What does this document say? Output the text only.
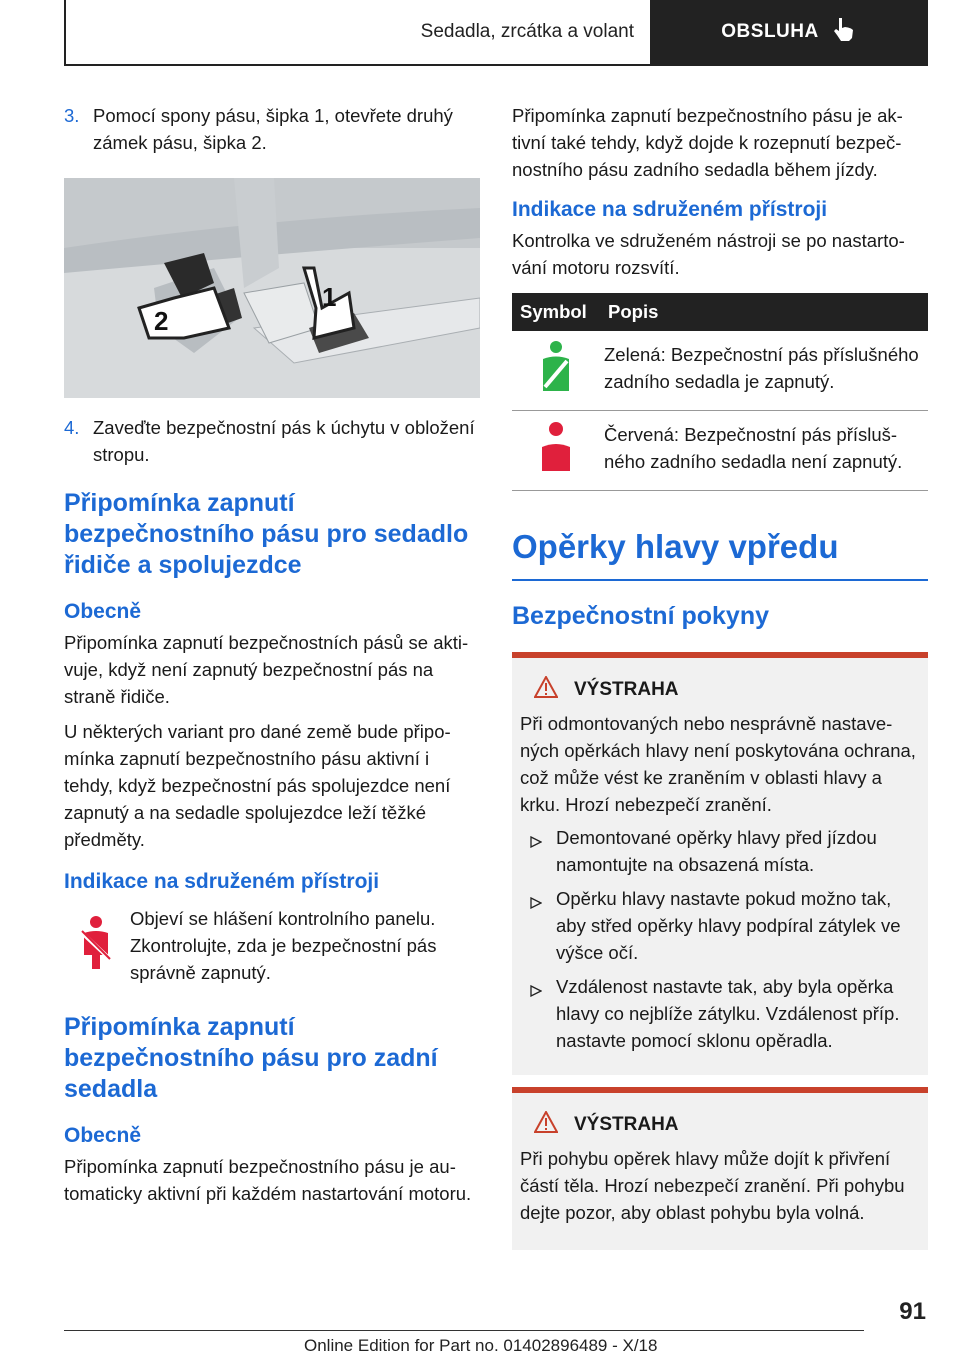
Sedadla, zrcátka a volant	OBSLUHA
3. Pomocí spony pásu, šipka 1, otevřete druhý zámek pásu, šipka 2.
1
2
4. Zaveďte bezpečnostní pás k úchytu v obložení stropu.
Připomínka zapnutí bezpečnostního pásu pro sedadlo řidiče a spolujezdce
Obecně

Připomínka zapnutí bezpečnostních pásů se aktivuje, když není zapnutý bezpečnostní pás na straně řidiče.

U některých variant pro dané země bude připomínka zapnutí bezpečnostního pásu aktivní i tehdy, když bezpečnostní pás spolujezdce není zapnutý a na sedadle spolujezdce leží těžké předměty.

Indikace na sdruženém přístroji

Objeví se hlášení kontrolního panelu. Zkontrolujte, zda je bezpečnostní pás správně zapnutý.

Připomínka zapnutí bezpečnostního pásu pro zadní sedadla
Obecně

Připomínka zapnutí bezpečnostního pásu je automaticky aktivní při každém nastartování motoru.

Připomínka zapnutí bezpečnostního pásu je aktivní také tehdy, když dojde k rozepnutí bezpečnostního pásu zadního sedadla během jízdy.

Indikace na sdruženém přístroji

Kontrolka ve sdruženém nástroji se po nastartování motoru rozsvítí.

Symbol	Popis
	Zelená: Bezpečnostní pás příslušného zadního sedadla je zapnutý.
	Červená: Bezpečnostní pás příslušného zadního sedadla není zapnutý.
Opěrky hlavy vpředu
Bezpečnostní pokyny
VÝSTRAHA

Při odmontovaných nebo nesprávně nastavených opěrkách hlavy není poskytována ochrana, což může vést ke zraněním v oblasti hlavy a krku. Hrozí nebezpečí zranění.

Demontované opěrky hlavy před jízdou namontujte na obsazená místa.
Opěrku hlavy nastavte pokud možno tak, aby střed opěrky hlavy podpíral zátylek ve výšce očí.
Vzdálenost nastavte tak, aby byla opěrka hlavy co nejblíže zátylku. Vzdálenost příp. nastavte pomocí sklonu opěradla.
VÝSTRAHA

Při pohybu opěrek hlavy může dojít k přivření částí těla. Hrozí nebezpečí zranění. Při pohybu dejte pozor, aby oblast pohybu byla volná.

91
Online Edition for Part no. 01402896489 - X/18
